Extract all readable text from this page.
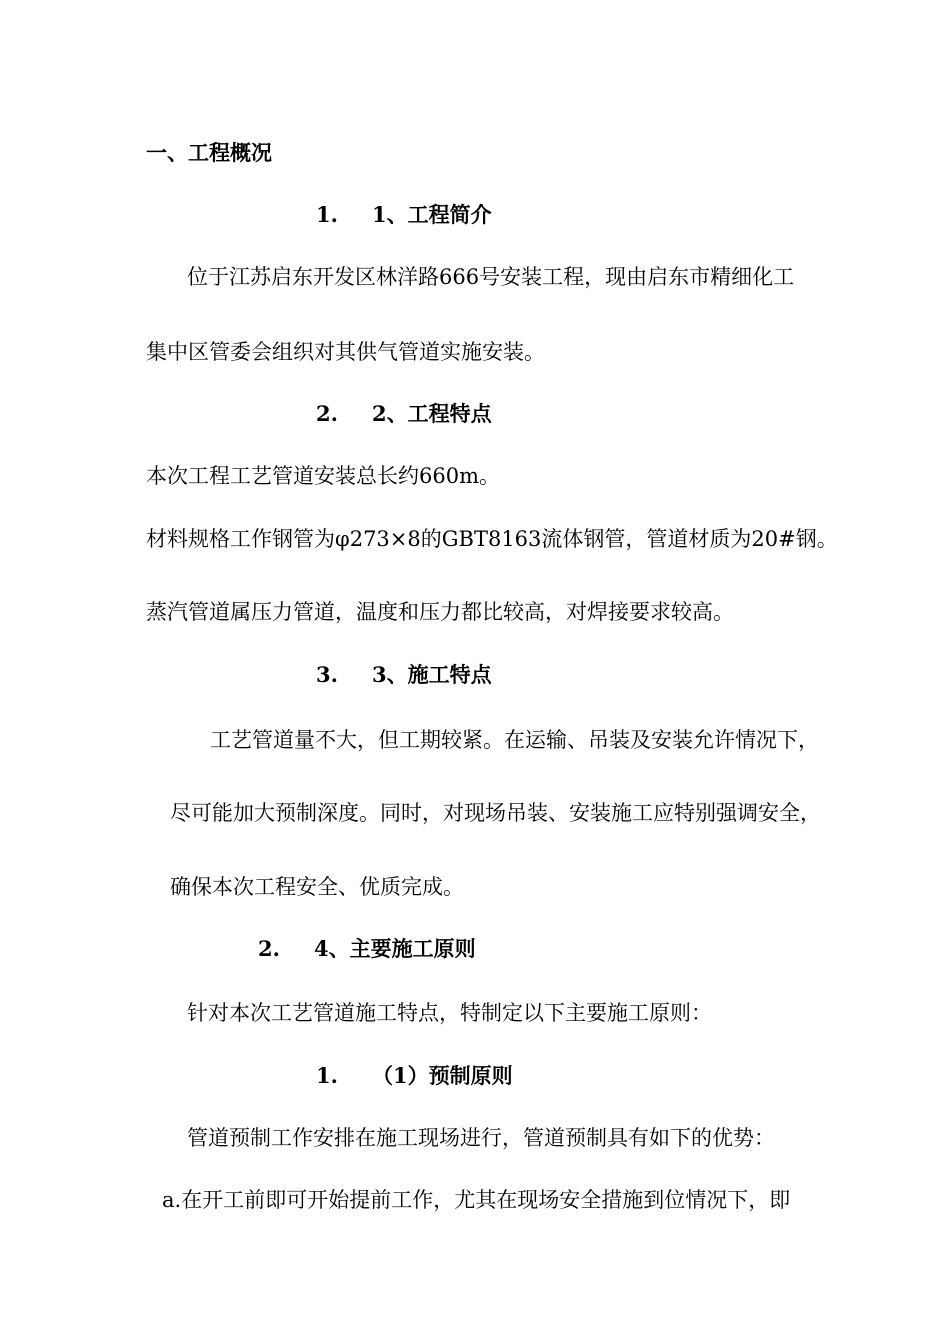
一、工程概况
1. 1、工程简介
位于江苏启东开发区林洋路666号安装工程，现由启东市精细化工
集中区管委会组织对其供气管道实施安装。
2. 2、工程特点
本次工程工艺管道安装总长约660m。
材料规格工作钢管为φ273×8的GBT8163流体钢管，管道材质为20#钢。
蒸汽管道属压力管道，温度和压力都比较高，对焊接要求较高。
3. 3、施工特点
工艺管道量不大，但工期较紧。在运输、吊装及安装允许情况下，
尽可能加大预制深度。同时，对现场吊装、安装施工应特别强调安全，
确保本次工程安全、优质完成。
2. 4、主要施工原则
针对本次工艺管道施工特点，特制定以下主要施工原则：
1. （1）预制原则
管道预制工作安排在施工现场进行，管道预制具有如下的优势：
a.在开工前即可开始提前工作，尤其在现场安全措施到位情况下，即
